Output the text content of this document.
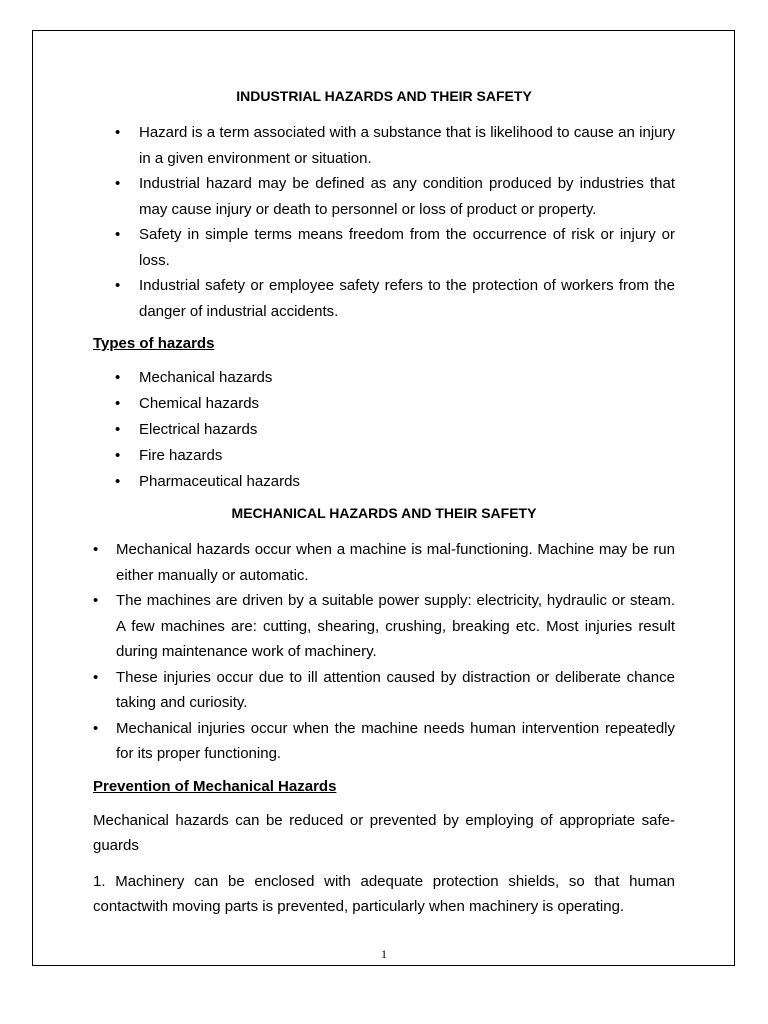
INDUSTRIAL HAZARDS AND THEIR SAFETY

• Hazard is a term associated with a substance that is likelihood to cause an injury in a given environment or situation.
• Industrial hazard may be defined as any condition produced by industries that may cause injury or death to personnel or loss of product or property.
• Safety in simple terms means freedom from the occurrence of risk or injury or loss.
• Industrial safety or employee safety refers to the protection of workers from the danger of industrial accidents.

Types of hazards

• Mechanical hazards
• Chemical hazards
• Electrical hazards
• Fire hazards
• Pharmaceutical hazards

MECHANICAL HAZARDS AND THEIR SAFETY

• Mechanical hazards occur when a machine is mal-functioning. Machine may be run either manually or automatic.
• The machines are driven by a suitable power supply: electricity, hydraulic or steam. A few machines are: cutting, shearing, crushing, breaking etc. Most injuries result during maintenance work of machinery.
• These injuries occur due to ill attention caused by distraction or deliberate chance taking and curiosity.
• Mechanical injuries occur when the machine needs human intervention repeatedly for its proper functioning.

Prevention of Mechanical Hazards

Mechanical hazards can be reduced or prevented by employing of appropriate safe-guards

1. Machinery can be enclosed with adequate protection shields, so that human contactwith moving parts is prevented, particularly when machinery is operating.

1
